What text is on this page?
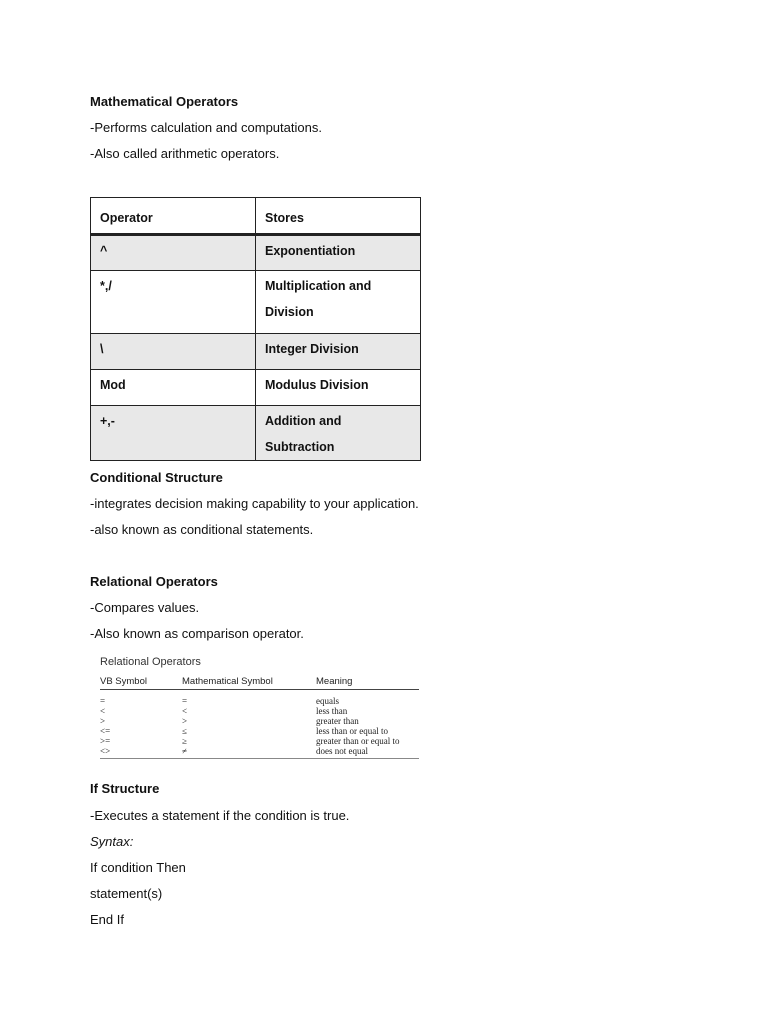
Mathematical Operators
-Performs calculation and computations.
-Also called arithmetic operators.
Operator	Stores

^	Exponentiation

*,/	Multiplication and Division

\	Integer Division

Mod	Modulus Division

+,-	Addition and Subtraction
Conditional Structure
-integrates decision making capability to your application.
-also known as conditional statements.
Relational Operators
-Compares values.
-Also known as comparison operator.
Relational Operators
VB Symbol	Mathematical Symbol	Meaning
=	=	equals
<	<	less than
>	>	greater than
<=	≤	less than or equal to
>=	≥	greater than or equal to
<>	≠	does not equal
If Structure
-Executes a statement if the condition is true.
Syntax:
If condition Then
statement(s)
End If
